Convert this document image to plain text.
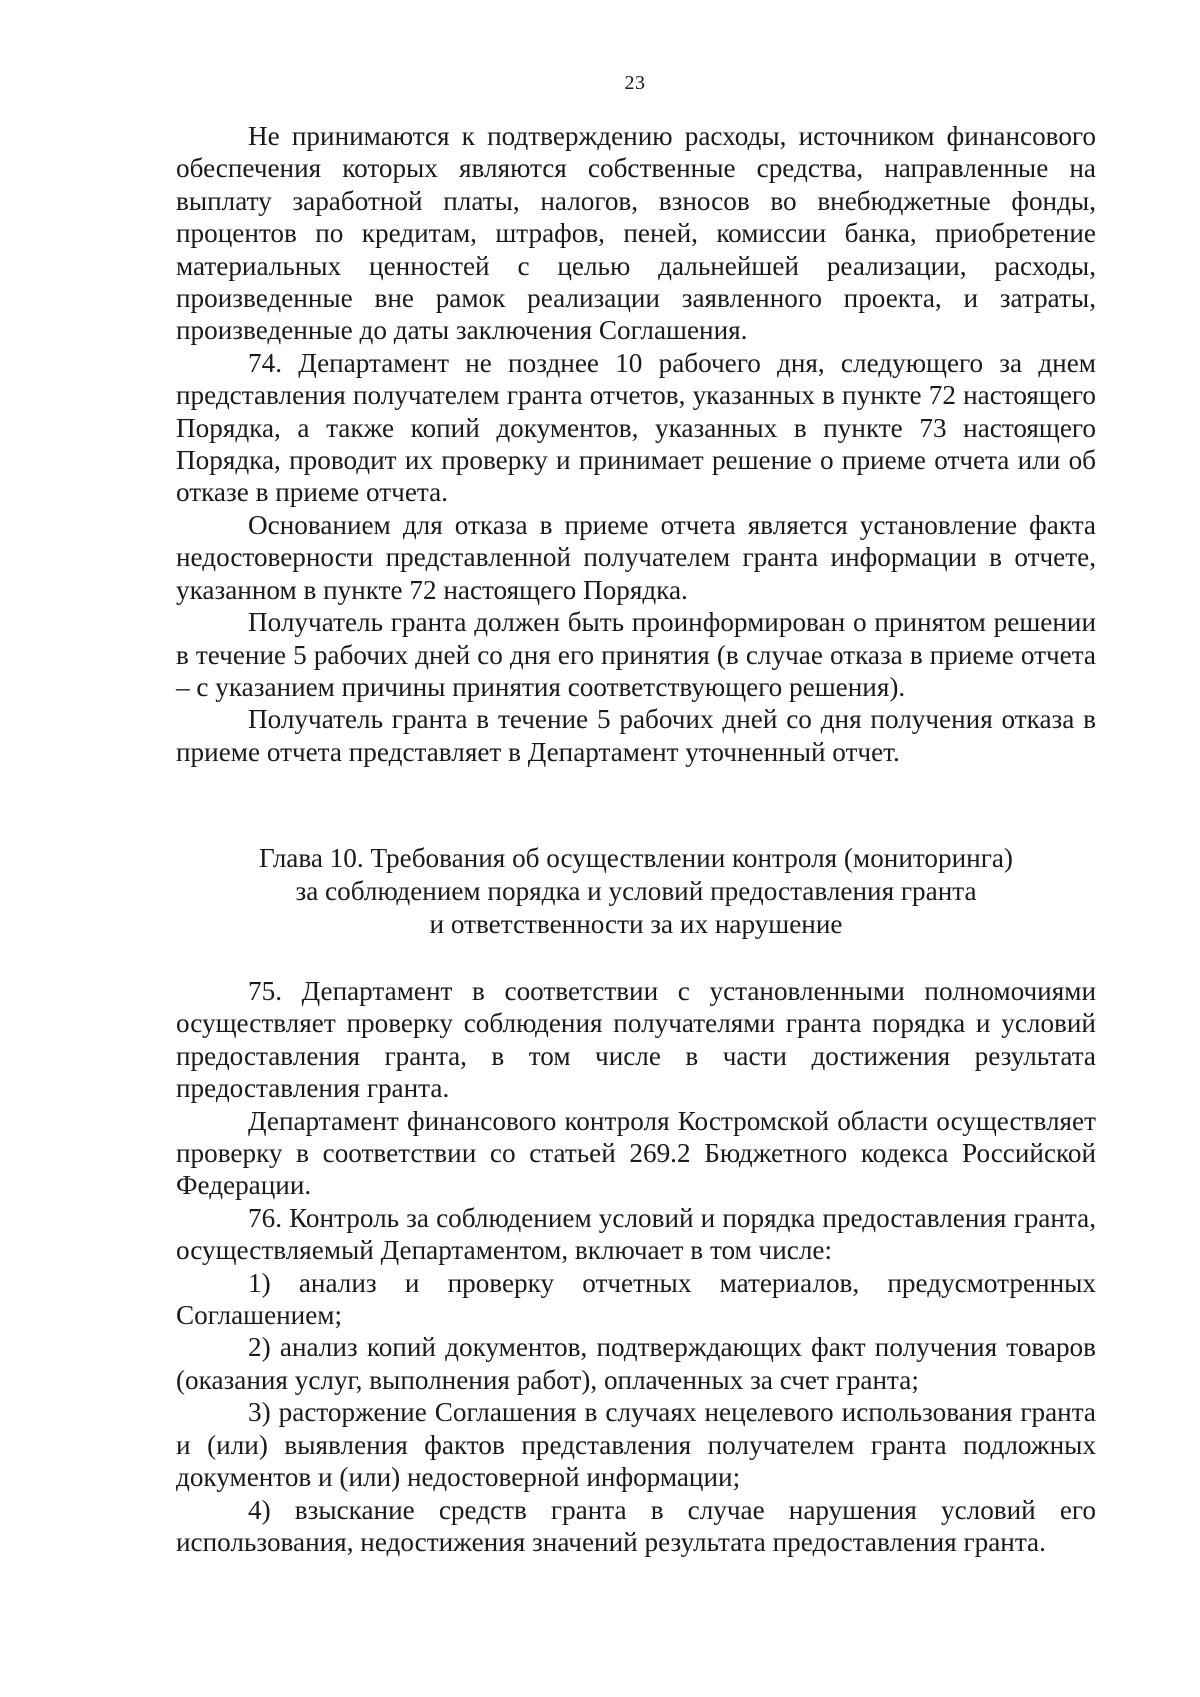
23

Не принимаются к подтверждению расходы, источником финансового обеспечения которых являются собственные средства, направленные на выплату заработной платы, налогов, взносов во внебюджетные фонды, процентов по кредитам, штрафов, пеней, комиссии банка, приобретение материальных ценностей с целью дальнейшей реализации, расходы, произведенные вне рамок реализации заявленного проекта, и затраты, произведенные до даты заключения Соглашения.

74. Департамент не позднее 10 рабочего дня, следующего за днем представления получателем гранта отчетов, указанных в пункте 72 настоящего Порядка, а также копий документов, указанных в пункте 73 настоящего Порядка, проводит их проверку и принимает решение о приеме отчета или об отказе в приеме отчета.

Основанием для отказа в приеме отчета является установление факта недостоверности представленной получателем гранта информации в отчете, указанном в пункте 72 настоящего Порядка.

Получатель гранта должен быть проинформирован о принятом решении в течение 5 рабочих дней со дня его принятия (в случае отказа в приеме отчета – с указанием причины принятия соответствующего решения).

Получатель гранта в течение 5 рабочих дней со дня получения отказа в приеме отчета представляет в Департамент уточненный отчет.

Глава 10. Требования об осуществлении контроля (мониторинга)
за соблюдением порядка и условий предоставления гранта
и ответственности за их нарушение

75. Департамент в соответствии с установленными полномочиями осуществляет проверку соблюдения получателями гранта порядка и условий предоставления гранта, в том числе в части достижения результата предоставления гранта.

Департамент финансового контроля Костромской области осуществляет проверку в соответствии со статьей 269.2 Бюджетного кодекса Российской Федерации.

76. Контроль за соблюдением условий и порядка предоставления гранта, осуществляемый Департаментом, включает в том числе:

1) анализ и проверку отчетных материалов, предусмотренных Соглашением;

2) анализ копий документов, подтверждающих факт получения товаров (оказания услуг, выполнения работ), оплаченных за счет гранта;

3) расторжение Соглашения в случаях нецелевого использования гранта и (или) выявления фактов представления получателем гранта подложных документов и (или) недостоверной информации;

4) взыскание средств гранта в случае нарушения условий его использования, недостижения значений результата предоставления гранта.
